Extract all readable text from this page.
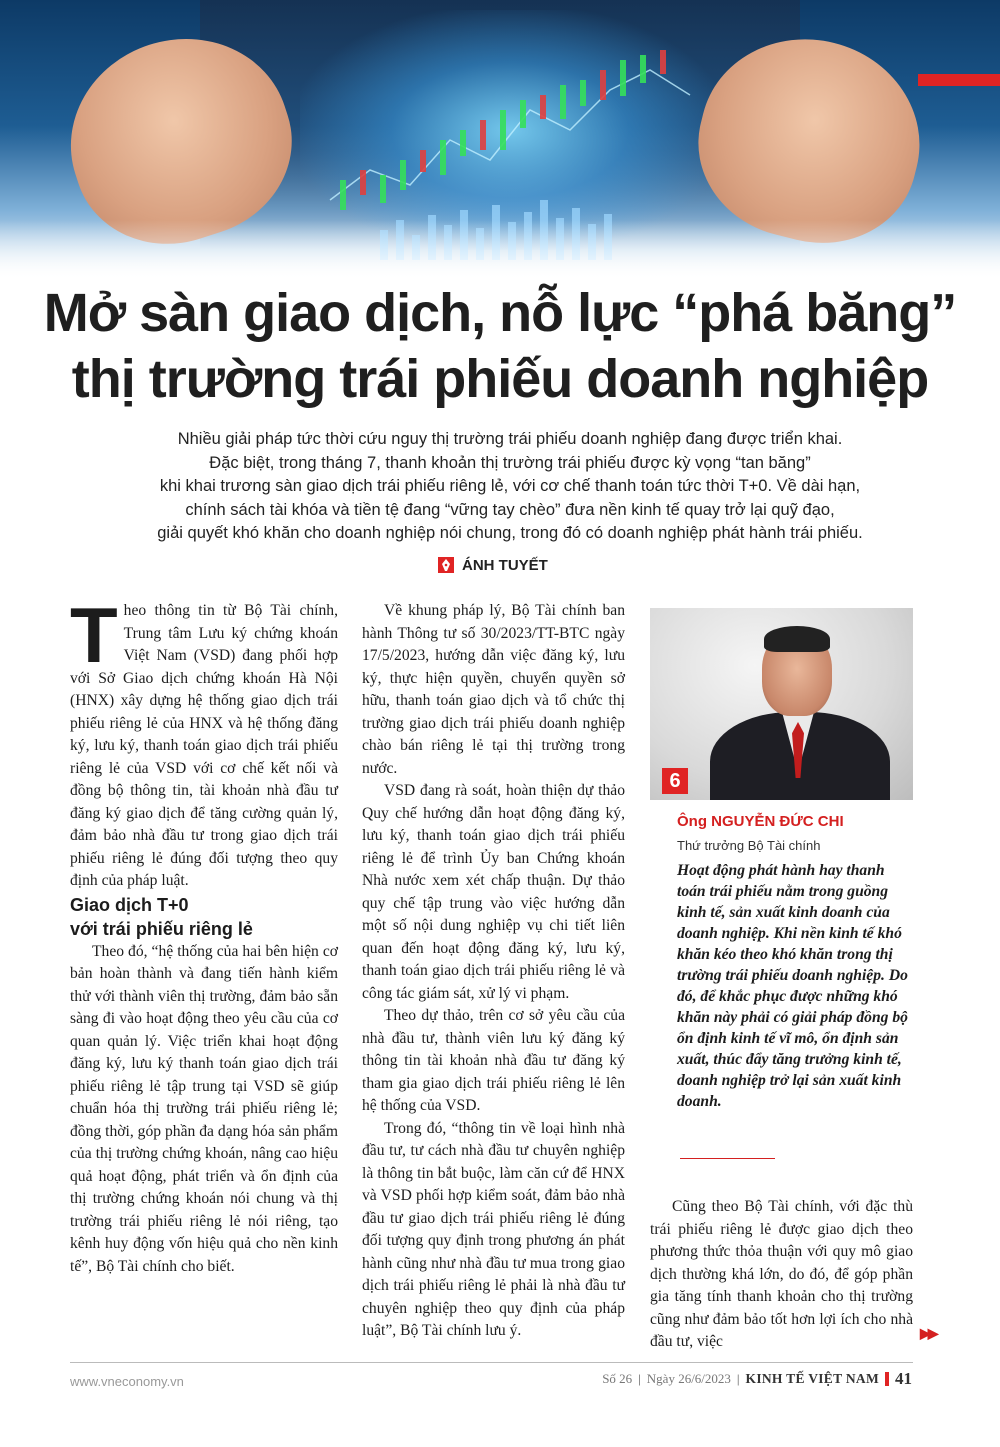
Mở sàn giao dịch, nỗ lực “phá băng”
thị trường trái phiếu doanh nghiệp

Nhiều giải pháp tức thời cứu nguy thị trường trái phiếu doanh nghiệp đang được triển khai.
Đặc biệt, trong tháng 7, thanh khoản thị trường trái phiếu được kỳ vọng “tan băng”
khi khai trương sàn giao dịch trái phiếu riêng lẻ, với cơ chế thanh toán tức thời T+0. Về dài hạn,
chính sách tài khóa và tiền tệ đang “vững tay chèo” đưa nền kinh tế quay trở lại quỹ đạo,
giải quyết khó khăn cho doanh nghiệp nói chung, trong đó có doanh nghiệp phát hành trái phiếu.

ÁNH TUYẾT

Theo thông tin từ Bộ Tài chính, Trung tâm Lưu ký chứng khoán Việt Nam (VSD) đang phối hợp với Sở Giao dịch chứng khoán Hà Nội (HNX) xây dựng hệ thống giao dịch trái phiếu riêng lẻ của HNX và hệ thống đăng ký, lưu ký, thanh toán giao dịch trái phiếu riêng lẻ của VSD với cơ chế kết nối và đồng bộ thông tin, tài khoản nhà đầu tư đăng ký giao dịch để tăng cường quản lý, đảm bảo nhà đầu tư trong giao dịch trái phiếu riêng lẻ đúng đối tượng theo quy định của pháp luật.

Giao dịch T+0
với trái phiếu riêng lẻ

Theo đó, “hệ thống của hai bên hiện cơ bản hoàn thành và đang tiến hành kiểm thử với thành viên thị trường, đảm bảo sẵn sàng đi vào hoạt động theo yêu cầu của cơ quan quản lý. Việc triển khai hoạt động đăng ký, lưu ký thanh toán giao dịch trái phiếu riêng lẻ tập trung tại VSD sẽ giúp chuẩn hóa thị trường trái phiếu riêng lẻ; đồng thời, góp phần đa dạng hóa sản phẩm của thị trường chứng khoán, nâng cao hiệu quả hoạt động, phát triển và ổn định của thị trường chứng khoán nói chung và thị trường trái phiếu riêng lẻ nói riêng, tạo kênh huy động vốn hiệu quả cho nền kinh tế”, Bộ Tài chính cho biết.

Về khung pháp lý, Bộ Tài chính ban hành Thông tư số 30/2023/TT-BTC ngày 17/5/2023, hướng dẫn việc đăng ký, lưu ký, thực hiện quyền, chuyển quyền sở hữu, thanh toán giao dịch và tổ chức thị trường giao dịch trái phiếu doanh nghiệp chào bán riêng lẻ tại thị trường trong nước.

VSD đang rà soát, hoàn thiện dự thảo Quy chế hướng dẫn hoạt động đăng ký, lưu ký, thanh toán giao dịch trái phiếu riêng lẻ để trình Ủy ban Chứng khoán Nhà nước xem xét chấp thuận. Dự thảo quy chế tập trung vào việc hướng dẫn một số nội dung nghiệp vụ chi tiết liên quan đến hoạt động đăng ký, lưu ký, thanh toán giao dịch trái phiếu riêng lẻ và công tác giám sát, xử lý vi phạm.

Theo dự thảo, trên cơ sở yêu cầu của nhà đầu tư, thành viên lưu ký đăng ký thông tin tài khoản nhà đầu tư đăng ký tham gia giao dịch trái phiếu riêng lẻ lên hệ thống của VSD.

Trong đó, “thông tin về loại hình nhà đầu tư, tư cách nhà đầu tư chuyên nghiệp là thông tin bắt buộc, làm căn cứ để HNX và VSD phối hợp kiểm soát, đảm bảo nhà đầu tư giao dịch trái phiếu riêng lẻ đúng đối tượng quy định trong phương án phát hành cũng như nhà đầu tư mua trong giao dịch trái phiếu riêng lẻ phải là nhà đầu tư chuyên nghiệp theo quy định của pháp luật”, Bộ Tài chính lưu ý.

6
Ông NGUYỄN ĐỨC CHI
Thứ trưởng Bộ Tài chính

Hoạt động phát hành hay thanh toán trái phiếu nằm trong guồng kinh tế, sản xuất kinh doanh của doanh nghiệp. Khi nền kinh tế khó khăn kéo theo khó khăn trong thị trường trái phiếu doanh nghiệp. Do đó, để khắc phục được những khó khăn này phải có giải pháp đồng bộ ổn định kinh tế vĩ mô, ổn định sản xuất, thúc đẩy tăng trưởng kinh tế, doanh nghiệp trở lại sản xuất kinh doanh.

Cũng theo Bộ Tài chính, với đặc thù trái phiếu riêng lẻ được giao dịch theo phương thức thỏa thuận với quy mô giao dịch thường khá lớn, do đó, để góp phần gia tăng tính thanh khoản cho thị trường cũng như đảm bảo tốt hơn lợi ích cho nhà đầu tư, việc	▶▶
www.vneconomy.vn	Số 26 | Ngày 26/6/2023 | KINH TẾ VIỆT NAM 41
